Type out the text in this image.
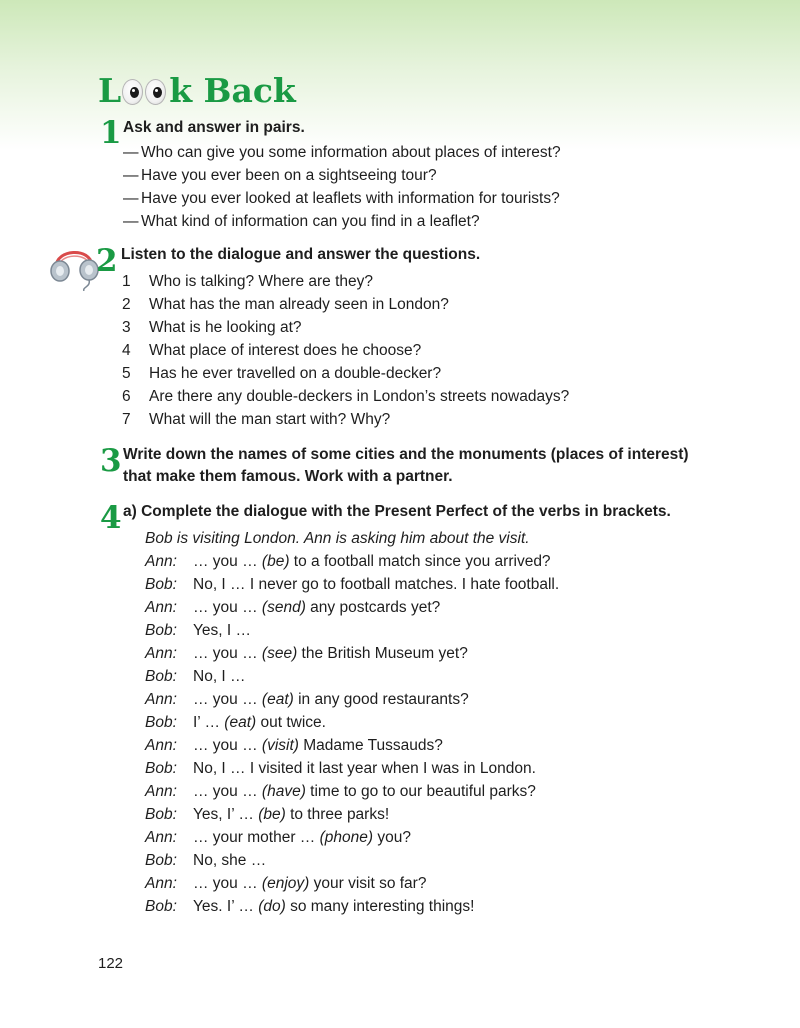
L k Back
1 Ask and answer in pairs.
— Who can give you some information about places of interest?
— Have you ever been on a sightseeing tour?
— Have you ever looked at leaflets with information for tourists?
— What kind of information can you find in a leaflet?
2 Listen to the dialogue and answer the questions.
1 Who is talking? Where are they?
2 What has the man already seen in London?
3 What is he looking at?
4 What place of interest does he choose?
5 Has he ever travelled on a double-decker?
6 Are there any double-deckers in London’s streets nowadays?
7 What will the man start with? Why?
3 Write down the names of some cities and the monuments (places of interest)
that make them famous. Work with a partner.
4 a) Complete the dialogue with the Present Perfect of the verbs in brackets.
Bob is visiting London. Ann is asking him about the visit.
Ann: … you … (be) to a football match since you arrived?
Bob: No, I … I never go to football matches. I hate football.
Ann: … you … (send) any postcards yet?
Bob: Yes, I …
Ann: … you … (see) the British Museum yet?
Bob: No, I …
Ann: … you … (eat) in any good restaurants?
Bob: I’ … (eat) out twice.
Ann: … you … (visit) Madame Tussauds?
Bob: No, I … I visited it last year when I was in London.
Ann: … you … (have) time to go to our beautiful parks?
Bob: Yes, I’ … (be) to three parks!
Ann: … your mother … (phone) you?
Bob: No, she …
Ann: … you … (enjoy) your visit so far?
Bob: Yes. I’ … (do) so many interesting things!
122
